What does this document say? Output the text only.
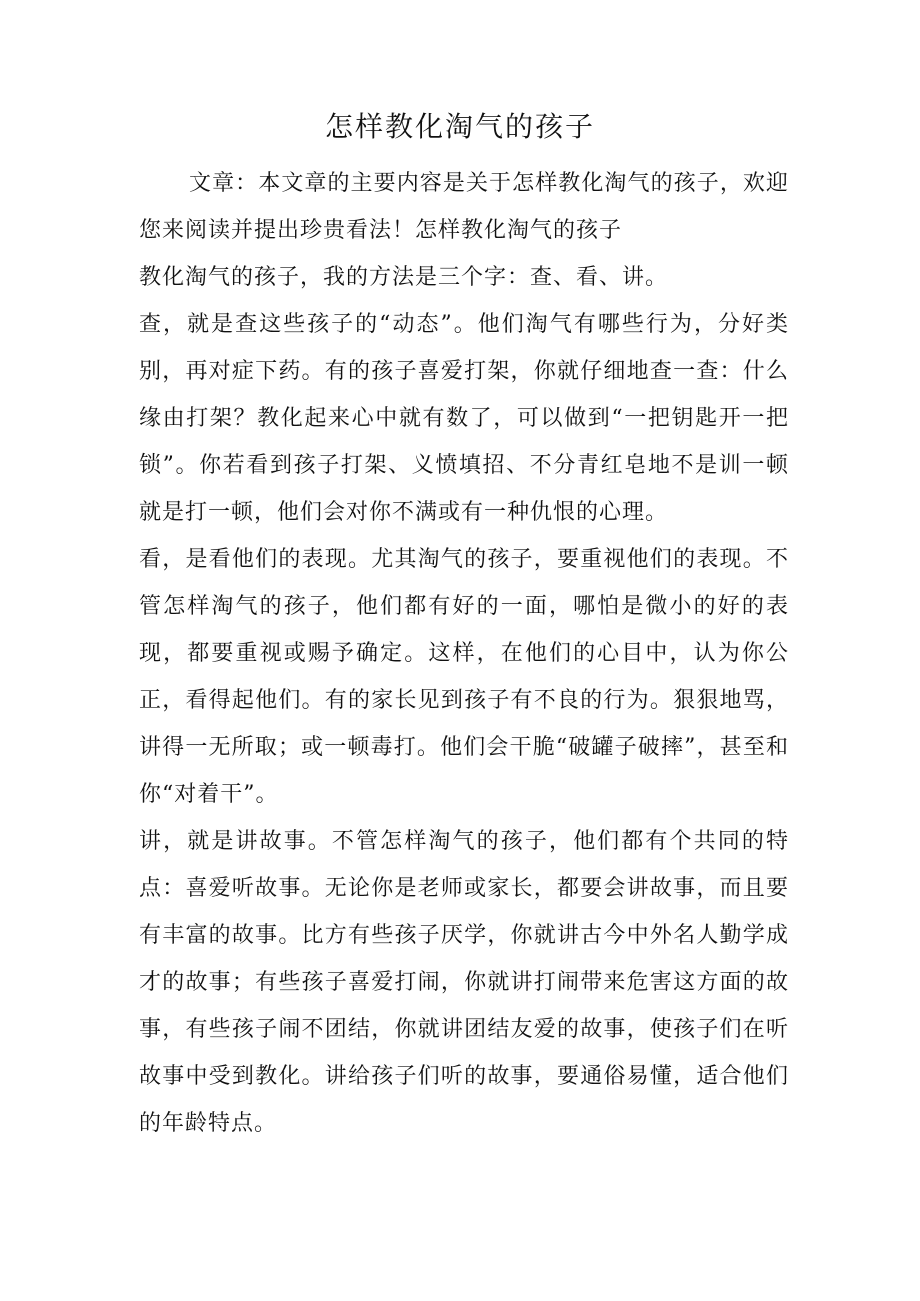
怎样教化淘气的孩子

文章：本文章的主要内容是关于怎样教化淘气的孩子，欢迎您来阅读并提出珍贵看法！怎样教化淘气的孩子

教化淘气的孩子，我的方法是三个字：查、看、讲。

查，就是查这些孩子的“动态”。他们淘气有哪些行为，分好类别，再对症下药。有的孩子喜爱打架，你就仔细地查一查：什么缘由打架？教化起来心中就有数了，可以做到“一把钥匙开一把锁”。你若看到孩子打架、义愤填招、不分青红皂地不是训一顿就是打一顿，他们会对你不满或有一种仇恨的心理。

看，是看他们的表现。尤其淘气的孩子，要重视他们的表现。不管怎样淘气的孩子，他们都有好的一面，哪怕是微小的好的表现，都要重视或赐予确定。这样，在他们的心目中，认为你公正，看得起他们。有的家长见到孩子有不良的行为。狠狠地骂，讲得一无所取；或一顿毒打。他们会干脆“破罐子破摔”，甚至和你“对着干”。

讲，就是讲故事。不管怎样淘气的孩子，他们都有个共同的特点：喜爱听故事。无论你是老师或家长，都要会讲故事，而且要有丰富的故事。比方有些孩子厌学，你就讲古今中外名人勤学成才的故事；有些孩子喜爱打闹，你就讲打闹带来危害这方面的故事，有些孩子闹不团结，你就讲团结友爱的故事，使孩子们在听故事中受到教化。讲给孩子们听的故事，要通俗易懂，适合他们的年龄特点。
